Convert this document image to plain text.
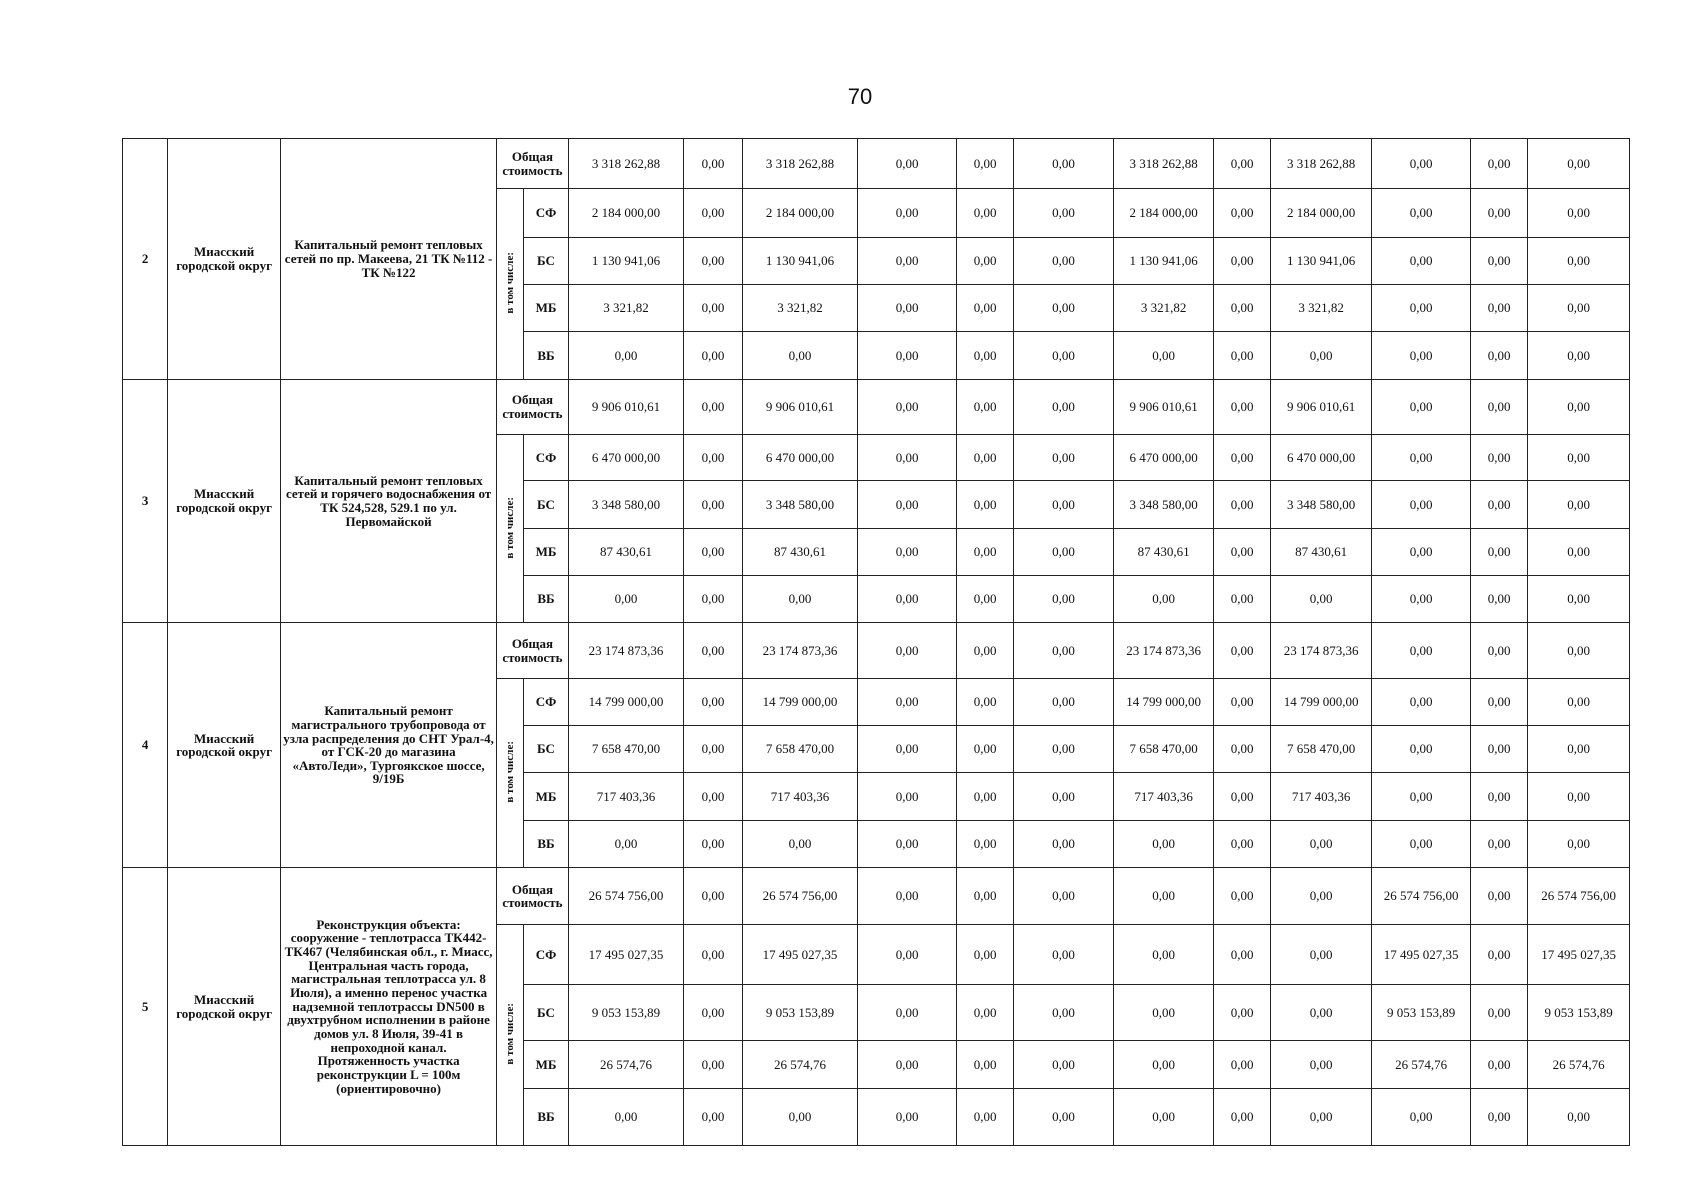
70
2	Миасский городской округ	Капитальный ремонт тепловых сетей по пр. Макеева, 21 ТК №112 - ТК №122	Общая стоимость		3 318 262,88	0,00	3 318 262,88	0,00	0,00	0,00	3 318 262,88	0,00	3 318 262,88	0,00	0,00	0,00
			в том числе:	СФ	2 184 000,00	0,00	2 184 000,00	0,00	0,00	0,00	2 184 000,00	0,00	2 184 000,00	0,00	0,00	0,00
				БС	1 130 941,06	0,00	1 130 941,06	0,00	0,00	0,00	1 130 941,06	0,00	1 130 941,06	0,00	0,00	0,00
				МБ	3 321,82	0,00	3 321,82	0,00	0,00	0,00	3 321,82	0,00	3 321,82	0,00	0,00	0,00
				ВБ	0,00	0,00	0,00	0,00	0,00	0,00	0,00	0,00	0,00	0,00	0,00	0,00
3	Миасский городской округ	Капитальный ремонт тепловых сетей и горячего водоснабжения от ТК 524,528, 529.1 по ул. Первомайской	Общая стоимость		9 906 010,61	0,00	9 906 010,61	0,00	0,00	0,00	9 906 010,61	0,00	9 906 010,61	0,00	0,00	0,00
			в том числе:	СФ	6 470 000,00	0,00	6 470 000,00	0,00	0,00	0,00	6 470 000,00	0,00	6 470 000,00	0,00	0,00	0,00
				БС	3 348 580,00	0,00	3 348 580,00	0,00	0,00	0,00	3 348 580,00	0,00	3 348 580,00	0,00	0,00	0,00
				МБ	87 430,61	0,00	87 430,61	0,00	0,00	0,00	87 430,61	0,00	87 430,61	0,00	0,00	0,00
				ВБ	0,00	0,00	0,00	0,00	0,00	0,00	0,00	0,00	0,00	0,00	0,00	0,00
4	Миасский городской округ	Капитальный ремонт магистрального трубопровода от узла распределения до СНТ Урал-4, от ГСК-20 до магазина «АвтоЛеди», Тургоякское шоссе, 9/19Б	Общая стоимость		23 174 873,36	0,00	23 174 873,36	0,00	0,00	0,00	23 174 873,36	0,00	23 174 873,36	0,00	0,00	0,00
			в том числе:	СФ	14 799 000,00	0,00	14 799 000,00	0,00	0,00	0,00	14 799 000,00	0,00	14 799 000,00	0,00	0,00	0,00
				БС	7 658 470,00	0,00	7 658 470,00	0,00	0,00	0,00	7 658 470,00	0,00	7 658 470,00	0,00	0,00	0,00
				МБ	717 403,36	0,00	717 403,36	0,00	0,00	0,00	717 403,36	0,00	717 403,36	0,00	0,00	0,00
				ВБ	0,00	0,00	0,00	0,00	0,00	0,00	0,00	0,00	0,00	0,00	0,00	0,00
5	Миасский городской округ	Реконструкция объекта: сооружение - теплотрасса ТК442-ТК467 (Челябинская обл., г. Миасс, Центральная часть города, магистральная теплотрасса ул. 8 Июля), а именно перенос участка надземной теплотрассы DN500 в двухтрубном исполнении в районе домов ул. 8 Июля, 39-41 в непроходной канал. Протяженность участка реконструкции L = 100м (ориентировочно)	Общая стоимость		26 574 756,00	0,00	26 574 756,00	0,00	0,00	0,00	0,00	0,00	0,00	26 574 756,00	0,00	26 574 756,00
			в том числе:	СФ	17 495 027,35	0,00	17 495 027,35	0,00	0,00	0,00	0,00	0,00	0,00	17 495 027,35	0,00	17 495 027,35
				БС	9 053 153,89	0,00	9 053 153,89	0,00	0,00	0,00	0,00	0,00	0,00	9 053 153,89	0,00	9 053 153,89
				МБ	26 574,76	0,00	26 574,76	0,00	0,00	0,00	0,00	0,00	0,00	26 574,76	0,00	26 574,76
				ВБ	0,00	0,00	0,00	0,00	0,00	0,00	0,00	0,00	0,00	0,00	0,00	0,00
